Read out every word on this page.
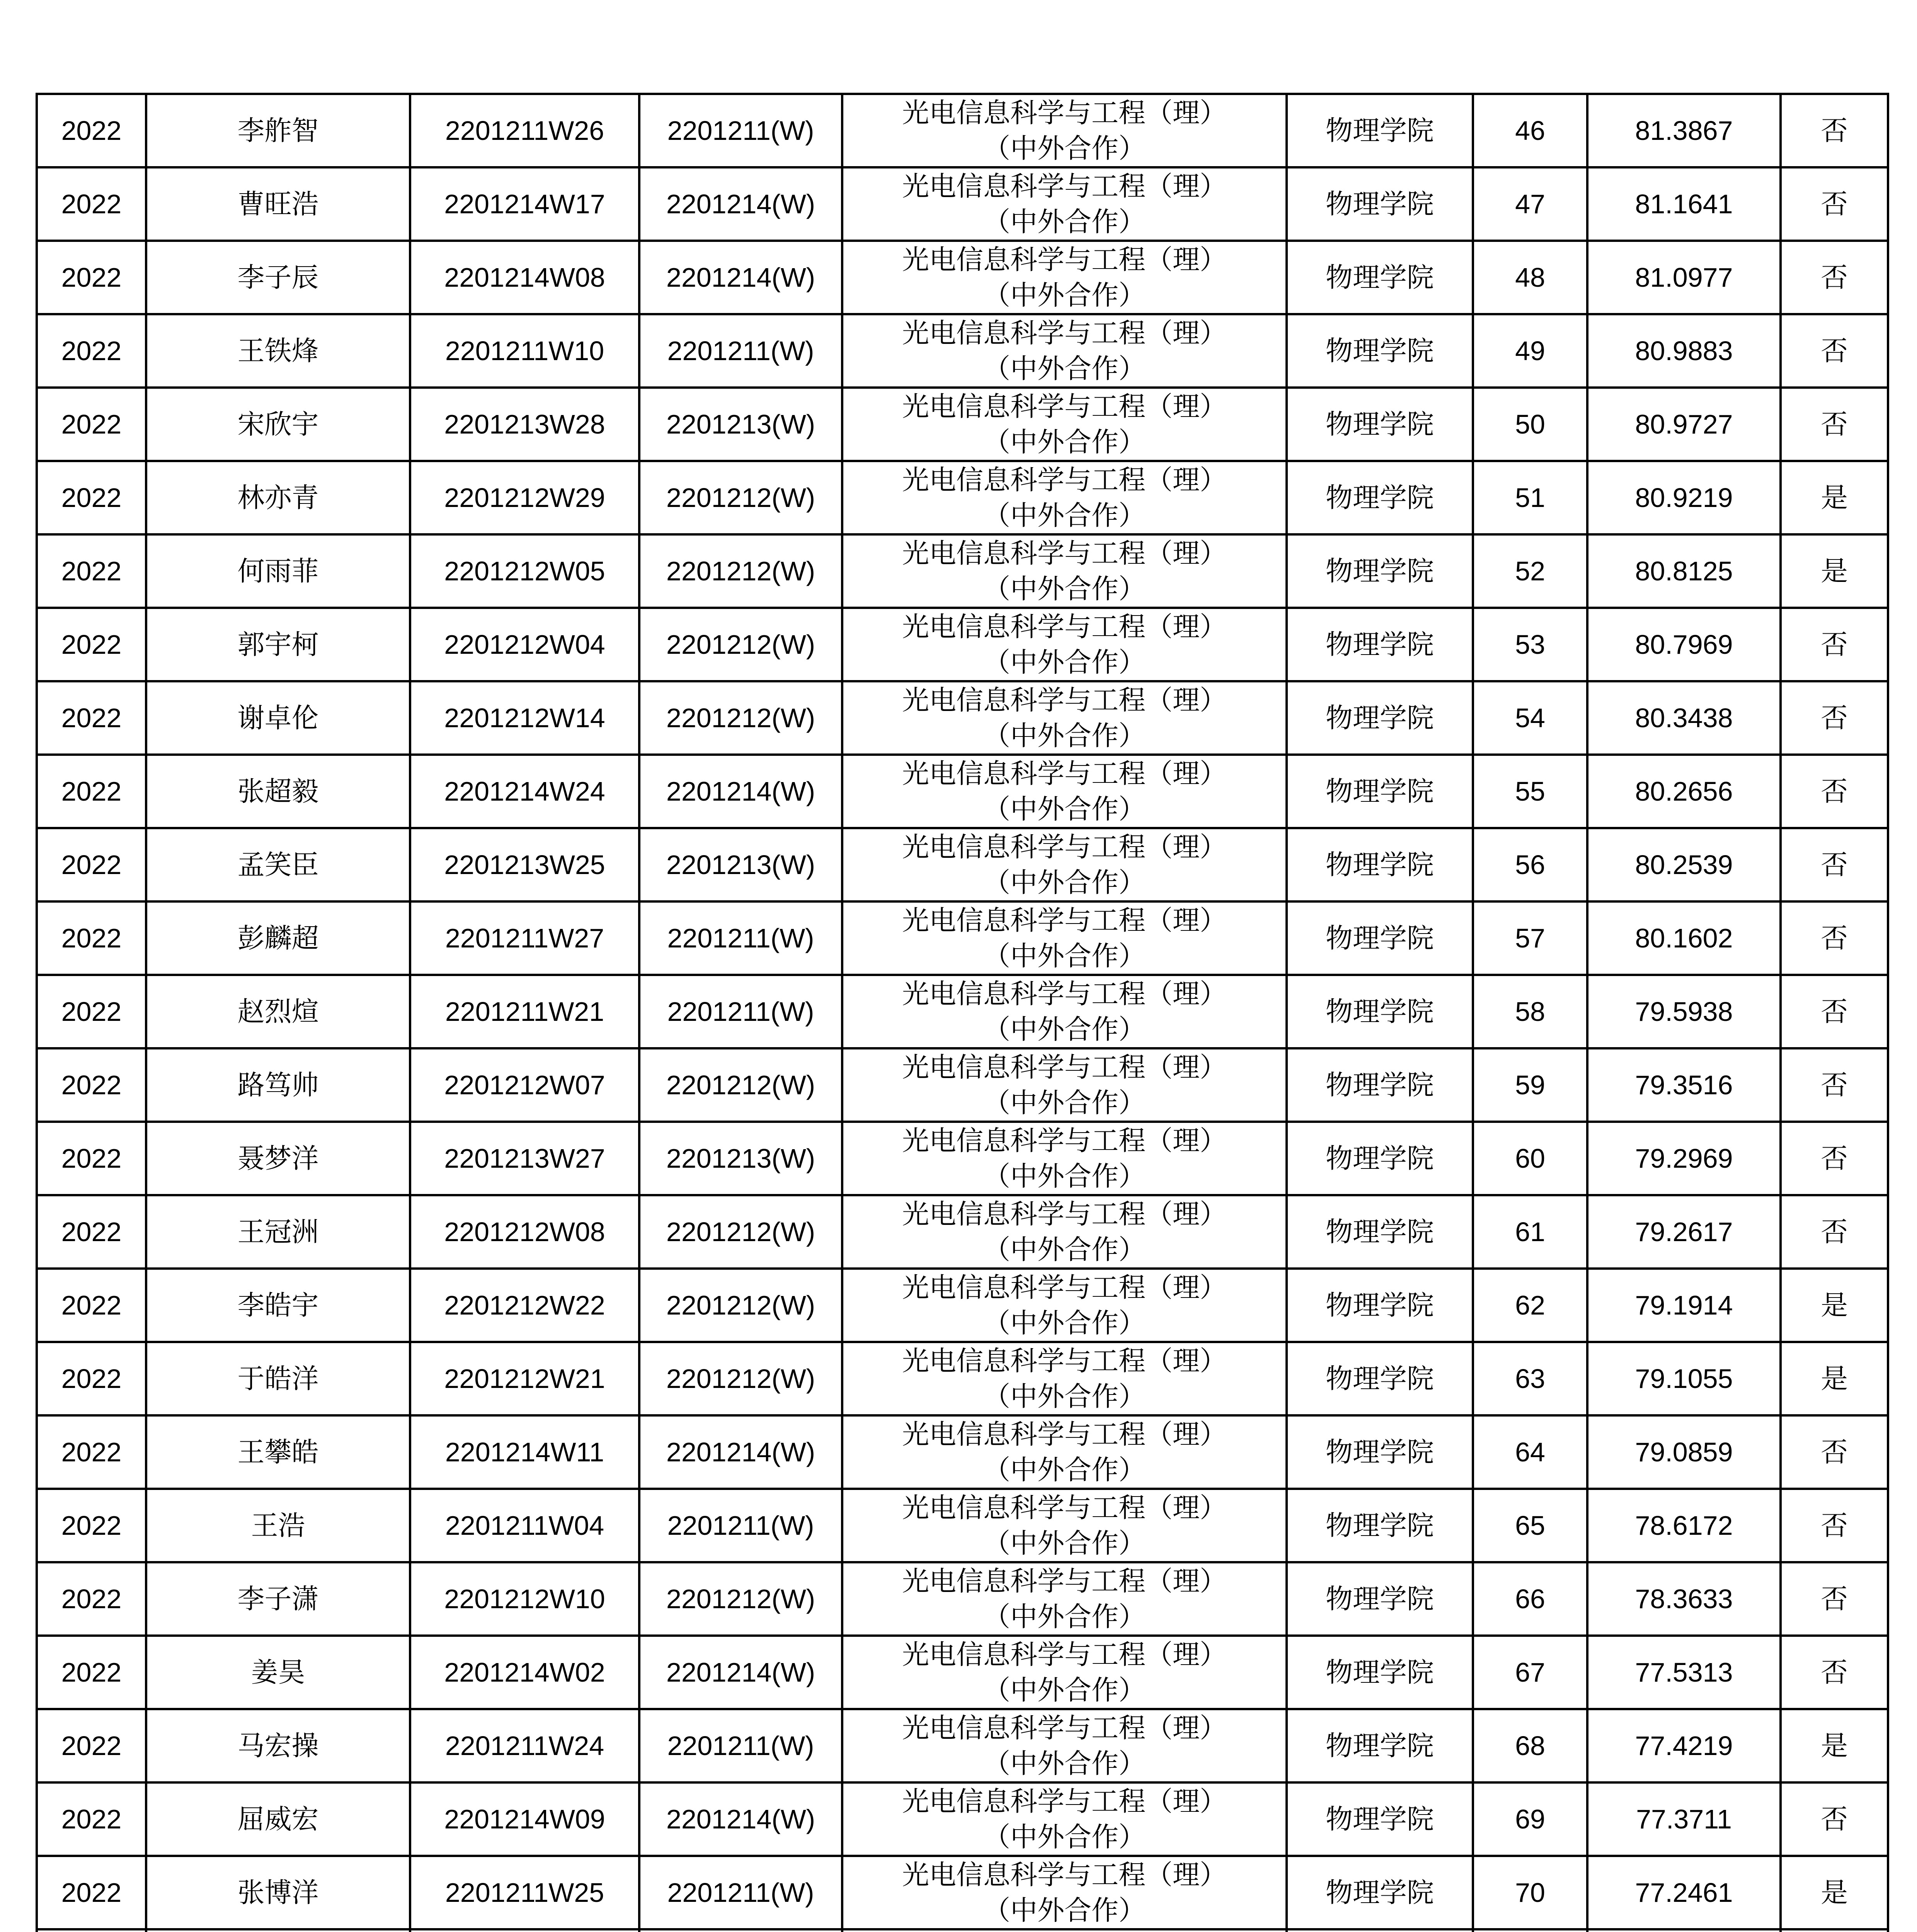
2022	李舴智	2201211W26	2201211(W)	光电信息科学与工程（理）
（中外合作）	物理学院	46	81.3867	否
2022	曹旺浩	2201214W17	2201214(W)	光电信息科学与工程（理）
（中外合作）	物理学院	47	81.1641	否
2022	李子辰	2201214W08	2201214(W)	光电信息科学与工程（理）
（中外合作）	物理学院	48	81.0977	否
2022	王铁烽	2201211W10	2201211(W)	光电信息科学与工程（理）
（中外合作）	物理学院	49	80.9883	否
2022	宋欣宇	2201213W28	2201213(W)	光电信息科学与工程（理）
（中外合作）	物理学院	50	80.9727	否
2022	林亦青	2201212W29	2201212(W)	光电信息科学与工程（理）
（中外合作）	物理学院	51	80.9219	是
2022	何雨菲	2201212W05	2201212(W)	光电信息科学与工程（理）
（中外合作）	物理学院	52	80.8125	是
2022	郭宇柯	2201212W04	2201212(W)	光电信息科学与工程（理）
（中外合作）	物理学院	53	80.7969	否
2022	谢卓伦	2201212W14	2201212(W)	光电信息科学与工程（理）
（中外合作）	物理学院	54	80.3438	否
2022	张超毅	2201214W24	2201214(W)	光电信息科学与工程（理）
（中外合作）	物理学院	55	80.2656	否
2022	孟笑臣	2201213W25	2201213(W)	光电信息科学与工程（理）
（中外合作）	物理学院	56	80.2539	否
2022	彭麟超	2201211W27	2201211(W)	光电信息科学与工程（理）
（中外合作）	物理学院	57	80.1602	否
2022	赵烈煊	2201211W21	2201211(W)	光电信息科学与工程（理）
（中外合作）	物理学院	58	79.5938	否
2022	路笃帅	2201212W07	2201212(W)	光电信息科学与工程（理）
（中外合作）	物理学院	59	79.3516	否
2022	聂梦洋	2201213W27	2201213(W)	光电信息科学与工程（理）
（中外合作）	物理学院	60	79.2969	否
2022	王冠洲	2201212W08	2201212(W)	光电信息科学与工程（理）
（中外合作）	物理学院	61	79.2617	否
2022	李皓宇	2201212W22	2201212(W)	光电信息科学与工程（理）
（中外合作）	物理学院	62	79.1914	是
2022	于皓洋	2201212W21	2201212(W)	光电信息科学与工程（理）
（中外合作）	物理学院	63	79.1055	是
2022	王攀皓	2201214W11	2201214(W)	光电信息科学与工程（理）
（中外合作）	物理学院	64	79.0859	否
2022	王浩	2201211W04	2201211(W)	光电信息科学与工程（理）
（中外合作）	物理学院	65	78.6172	否
2022	李子潇	2201212W10	2201212(W)	光电信息科学与工程（理）
（中外合作）	物理学院	66	78.3633	否
2022	姜昊	2201214W02	2201214(W)	光电信息科学与工程（理）
（中外合作）	物理学院	67	77.5313	否
2022	马宏操	2201211W24	2201211(W)	光电信息科学与工程（理）
（中外合作）	物理学院	68	77.4219	是
2022	屈威宏	2201214W09	2201214(W)	光电信息科学与工程（理）
（中外合作）	物理学院	69	77.3711	否
2022	张博洋	2201211W25	2201211(W)	光电信息科学与工程（理）
（中外合作）	物理学院	70	77.2461	是
